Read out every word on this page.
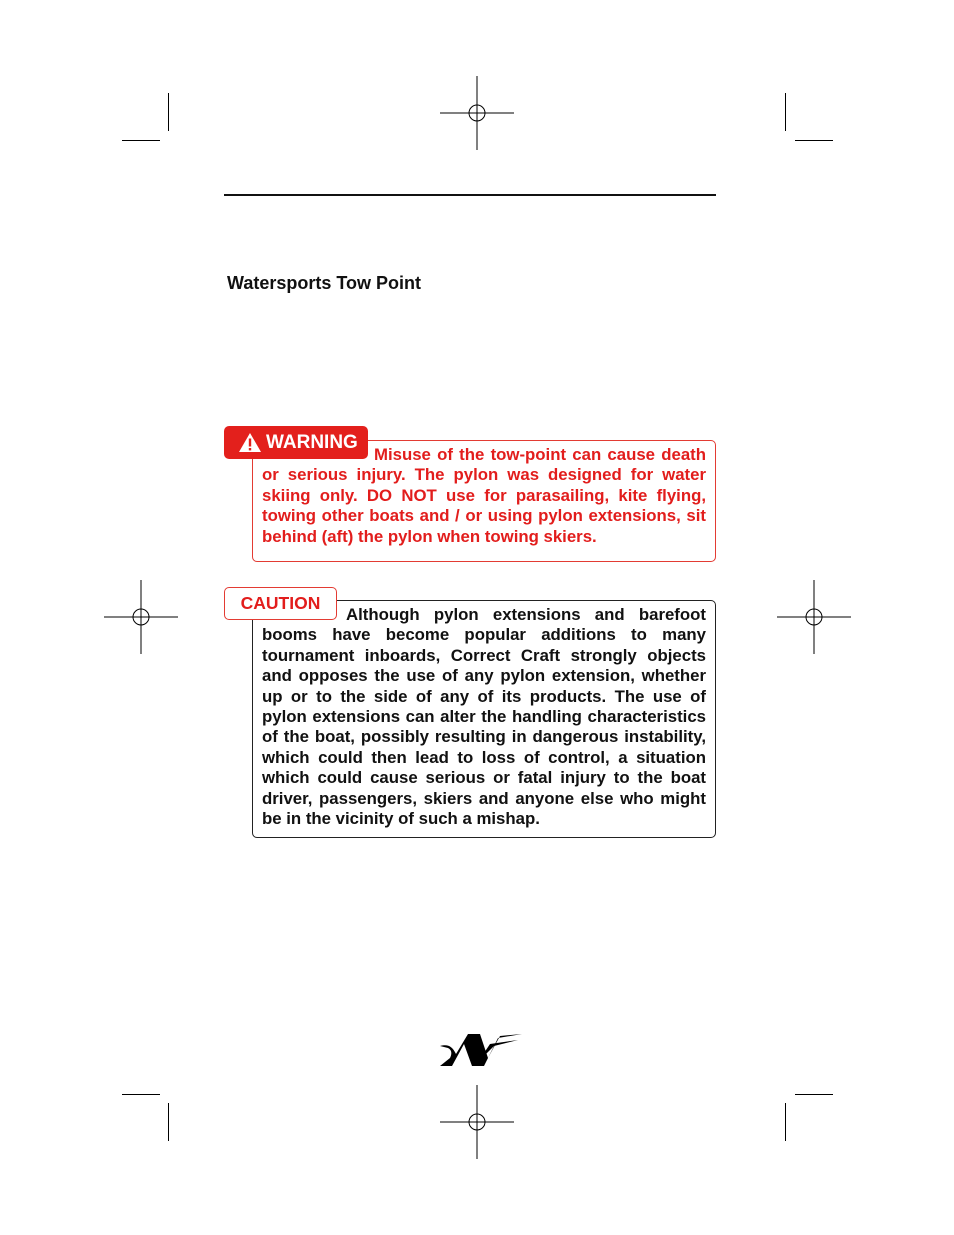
Watersports Tow Point
Misuse of the tow-point can cause death or serious injury. The pylon was designed for water skiing only. DO NOT use for parasailing, kite flying, towing other boats and / or using pylon extensions, sit behind (aft) the pylon when towing skiers.
WARNING
Although pylon extensions and barefoot booms have become popular additions to many tournament inboards, Correct Craft strongly objects and opposes the use of any pylon extension, whether up or to the side of any of its products. The use of pylon extensions can alter the handling characteristics of the boat, possibly resulting in dangerous instability, which could then lead to loss of control, a situation which could cause serious or fatal injury to the boat driver, passengers, skiers and anyone else who might be in the vicinity of such a mishap.
CAUTION
